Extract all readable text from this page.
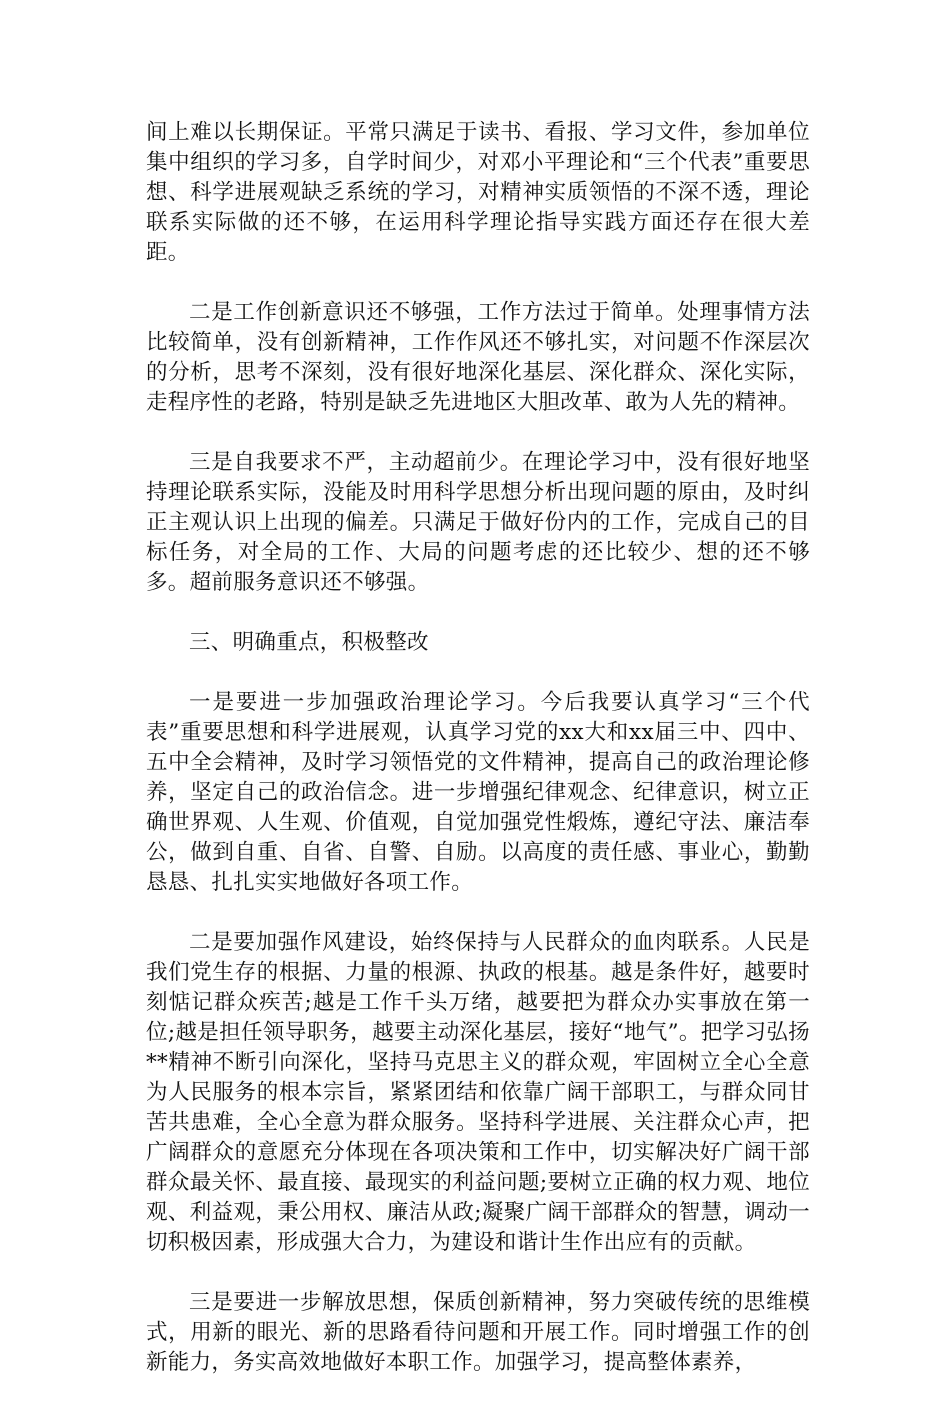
间上难以长期保证。平常只满足于读书、看报、学习文件，参加单位集中组织的学习多，自学时间少，对邓小平理论和“三个代表”重要思想、科学进展观缺乏系统的学习，对精神实质领悟的不深不透，理论联系实际做的还不够，在运用科学理论指导实践方面还存在很大差距。

二是工作创新意识还不够强，工作方法过于简单。处理事情方法比较简单，没有创新精神，工作作风还不够扎实，对问题不作深层次的分析，思考不深刻，没有很好地深化基层、深化群众、深化实际，走程序性的老路，特别是缺乏先进地区大胆改革、敢为人先的精神。

三是自我要求不严，主动超前少。在理论学习中，没有很好地坚持理论联系实际，没能及时用科学思想分析出现问题的原由，及时纠正主观认识上出现的偏差。只满足于做好份内的工作，完成自己的目标任务，对全局的工作、大局的问题考虑的还比较少、想的还不够多。超前服务意识还不够强。

三、明确重点，积极整改

一是要进一步加强政治理论学习。今后我要认真学习“三个代表”重要思想和科学进展观，认真学习党的xx大和xx届三中、四中、五中全会精神，及时学习领悟党的文件精神，提高自己的政治理论修养，坚定自己的政治信念。进一步增强纪律观念、纪律意识，树立正确世界观、人生观、价值观，自觉加强党性煅炼，遵纪守法、廉洁奉公，做到自重、自省、自警、自励。以高度的责任感、事业心，勤勤恳恳、扎扎实实地做好各项工作。

二是要加强作风建设，始终保持与人民群众的血肉联系。人民是我们党生存的根据、力量的根源、执政的根基。越是条件好，越要时刻惦记群众疾苦;越是工作千头万绪，越要把为群众办实事放在第一位;越是担任领导职务，越要主动深化基层，接好“地气”。把学习弘扬**精神不断引向深化，坚持马克思主义的群众观，牢固树立全心全意为人民服务的根本宗旨，紧紧团结和依靠广阔干部职工，与群众同甘苦共患难，全心全意为群众服务。坚持科学进展、关注群众心声，把广阔群众的意愿充分体现在各项决策和工作中，切实解决好广阔干部群众最关怀、最直接、最现实的利益问题;要树立正确的权力观、地位观、利益观，秉公用权、廉洁从政;凝聚广阔干部群众的智慧，调动一切积极因素，形成强大合力，为建设和谐计生作出应有的贡献。

三是要进一步解放思想，保质创新精神，努力突破传统的思维模式，用新的眼光、新的思路看待问题和开展工作。同时增强工作的创新能力，务实高效地做好本职工作。加强学习，提高整体素养，
